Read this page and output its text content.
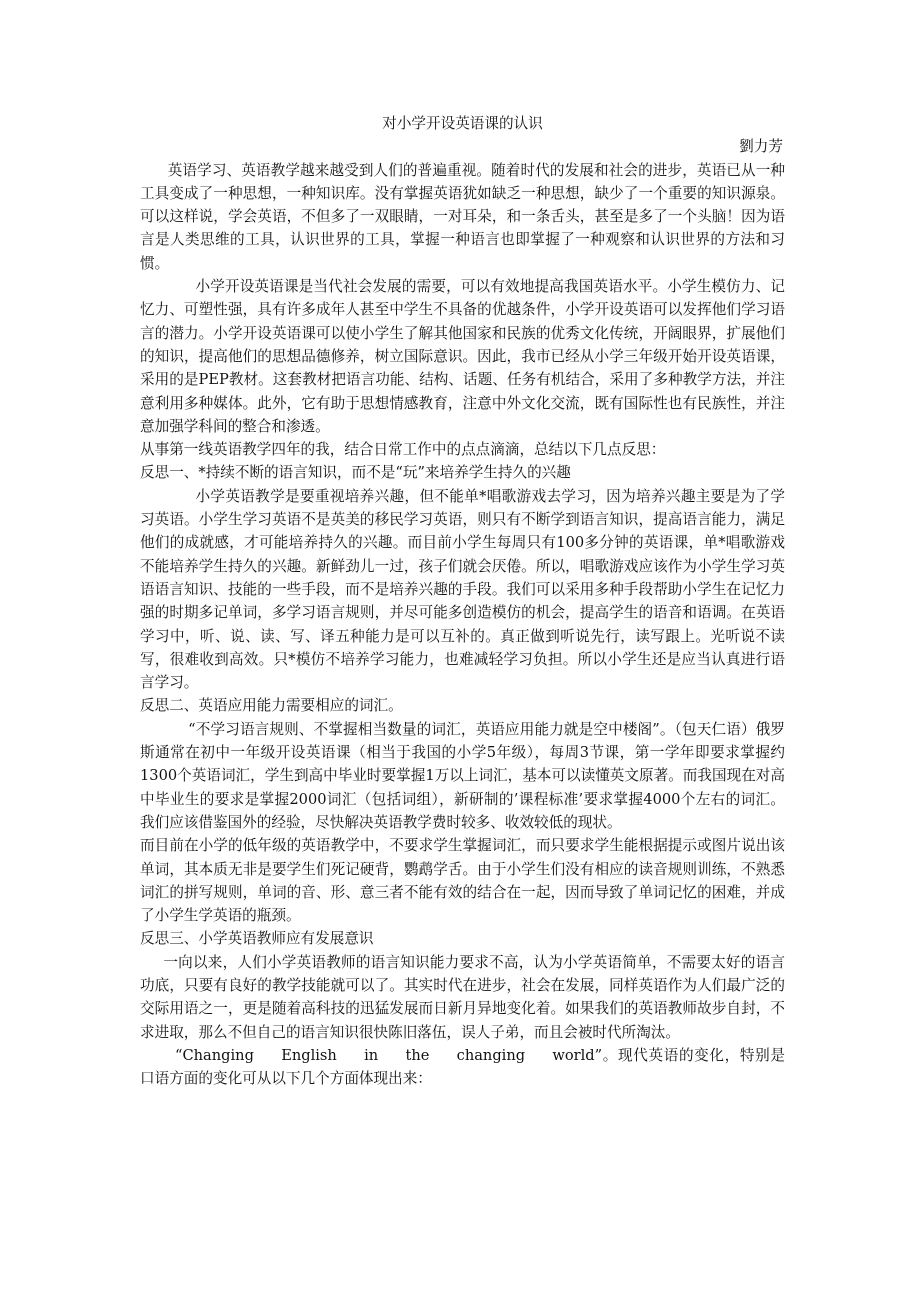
对小学开设英语课的认识

劉力芳

英语学习、英语教学越来越受到人们的普遍重视。随着时代的发展和社会的进步，英语已从一种工具变成了一种思想，一种知识库。没有掌握英语犹如缺乏一种思想，缺少了一个重要的知识源泉。可以这样说，学会英语，不但多了一双眼睛，一对耳朵，和一条舌头，甚至是多了一个头脑！因为语言是人类思维的工具，认识世界的工具，掌握一种语言也即掌握了一种观察和认识世界的方法和习惯。

小学开设英语课是当代社会发展的需要，可以有效地提高我国英语水平。小学生模仿力、记忆力、可塑性强，具有许多成年人甚至中学生不具备的优越条件，小学开设英语可以发挥他们学习语言的潜力。小学开设英语课可以使小学生了解其他国家和民族的优秀文化传统，开阔眼界，扩展他们的知识，提高他们的思想品德修养，树立国际意识。因此，我市已经从小学三年级开始开设英语课，采用的是PEP教材。这套教材把语言功能、结构、话题、任务有机结合，采用了多种教学方法，并注意利用多种媒体。此外，它有助于思想情感教育，注意中外文化交流，既有国际性也有民族性，并注意加强学科间的整合和渗透。

从事第一线英语教学四年的我，结合日常工作中的点点滴滴，总结以下几点反思：

反思一、*持续不断的语言知识，而不是“玩”来培养学生持久的兴趣

小学英语教学是要重视培养兴趣，但不能单*唱歌游戏去学习，因为培养兴趣主要是为了学习英语。小学生学习英语不是英美的移民学习英语，则只有不断学到语言知识，提高语言能力，满足他们的成就感，才可能培养持久的兴趣。而目前小学生每周只有100多分钟的英语课，单*唱歌游戏不能培养学生持久的兴趣。新鲜劲儿一过，孩子们就会厌倦。所以，唱歌游戏应该作为小学生学习英语语言知识、技能的一些手段，而不是培养兴趣的手段。我们可以采用多种手段帮助小学生在记忆力强的时期多记单词，多学习语言规则，并尽可能多创造模仿的机会，提高学生的语音和语调。在英语学习中，听、说、读、写、译五种能力是可以互补的。真正做到听说先行，读写跟上。光听说不读写，很难收到高效。只*模仿不培养学习能力，也难减轻学习负担。所以小学生还是应当认真进行语言学习。

反思二、英语应用能力需要相应的词汇。

“不学习语言规则、不掌握相当数量的词汇，英语应用能力就是空中楼阁”。（包天仁语）俄罗斯通常在初中一年级开设英语课（相当于我国的小学5年级），每周3节课，第一学年即要求掌握约1300个英语词汇，学生到高中毕业时要掌握1万以上词汇，基本可以读懂英文原著。而我国现在对高中毕业生的要求是掌握2000词汇（包括词组），新研制的’课程标准’要求掌握4000个左右的词汇。我们应该借鉴国外的经验，尽快解决英语教学费时较多、收效较低的现状。

而目前在小学的低年级的英语教学中，不要求学生掌握词汇，而只要求学生能根据提示或图片说出该单词，其本质无非是要学生们死记硬背，鹦鹉学舌。由于小学生们没有相应的读音规则训练，不熟悉词汇的拼写规则，单词的音、形、意三者不能有效的结合在一起，因而导致了单词记忆的困难，并成了小学生学英语的瓶颈。

反思三、小学英语教师应有发展意识

一向以来，人们小学英语教师的语言知识能力要求不高，认为小学英语简单，不需要太好的语言功底，只要有良好的教学技能就可以了。其实时代在进步，社会在发展，同样英语作为人们最广泛的交际用语之一，更是随着高科技的迅猛发展而日新月异地变化着。如果我们的英语教师故步自封，不求进取，那么不但自己的语言知识很快陈旧落伍，误人子弟，而且会被时代所淘汰。

“Changing English in the changing world”。现代英语的变化，特别是口语方面的变化可从以下几个方面体现出来：
